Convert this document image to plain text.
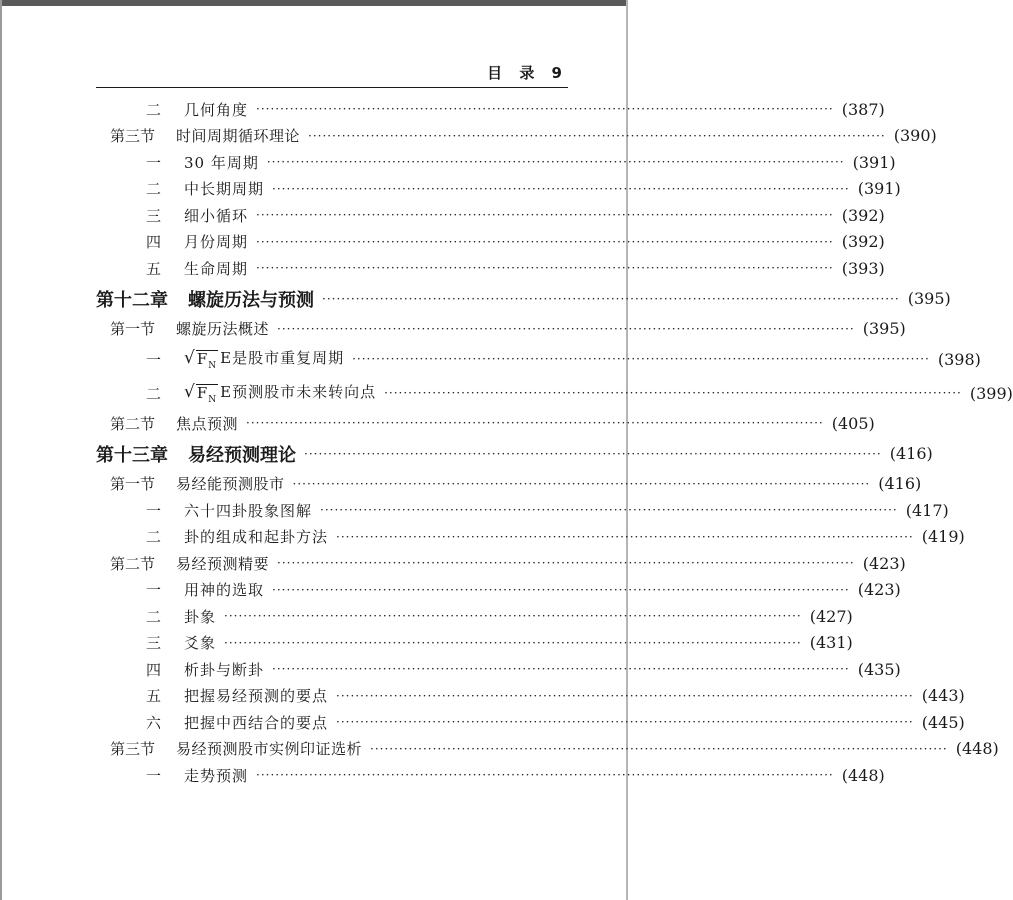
目 录 9
二	几何角度 ························································································································ (387)
第三节	时间周期循环理论 ························································································································ (390)
一	30 年周期 ························································································································ (391)
二	中长期周期 ························································································································ (391)
三	细小循环 ························································································································ (392)
四	月份周期 ························································································································ (392)
五	生命周期 ························································································································ (393)
第十二章 螺旋历法与预测 ························································································································ (395)
第一节	螺旋历法概述 ························································································································ (395)
一	√ $F_N$ E是股市重复周期 ························································································································ (398)
二	√ $F_N$ E预测股市未来转向点 ························································································································ (399)
第二节	焦点预测 ························································································································ (405)
第十三章 易经预测理论 ························································································································ (416)
第一节	易经能预测股市 ························································································································ (416)
一	六十四卦股象图解 ························································································································ (417)
二	卦的组成和起卦方法 ························································································································ (419)
第二节	易经预测精要 ························································································································ (423)
一	用神的选取 ························································································································ (423)
二	卦象 ························································································································ (427)
三	爻象 ························································································································ (431)
四	析卦与断卦 ························································································································ (435)
五	把握易经预测的要点 ························································································································ (443)
六	把握中西结合的要点 ························································································································ (445)
第三节	易经预测股市实例印证选析 ························································································································ (448)
一	走势预测 ························································································································ (448)
